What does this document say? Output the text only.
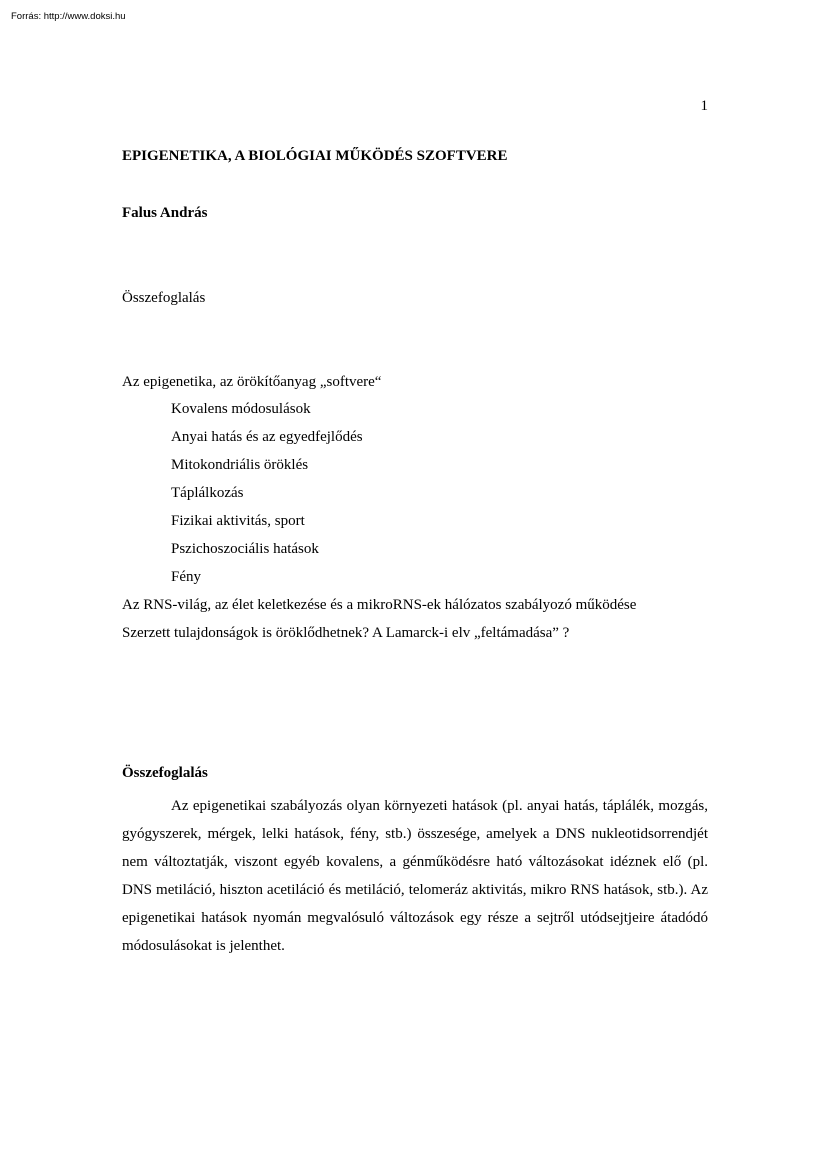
Forrás: http://www.doksi.hu
1
EPIGENETIKA, A BIOLÓGIAI MŰKÖDÉS SZOFTVERE
Falus András
Összefoglalás
Az epigenetika, az örökítőanyag „softvere“
Kovalens módosulások
Anyai hatás és az egyedfejlődés
Mitokondriális öröklés
Táplálkozás
Fizikai aktivitás, sport
Pszichoszociális hatások
Fény
Az RNS-világ, az élet keletkezése és a mikroRNS-ek hálózatos szabályozó működése
Szerzett tulajdonságok is öröklődhetnek? A Lamarck-i elv „feltámadása” ?
Összefoglalás

Az epigenetikai szabályozás olyan környezeti hatások (pl. anyai hatás, táplálék, mozgás, gyógyszerek, mérgek, lelki hatások, fény, stb.) összesége, amelyek a DNS nukleotidsorrendjét nem változtatják, viszont egyéb kovalens, a génműködésre ható változásokat idéznek elő (pl. DNS metiláció, hiszton acetiláció és metiláció, telomeráz aktivitás, mikro RNS hatások, stb.). Az epigenetikai hatások nyomán megvalósuló változások egy része a sejtről utódsejtjeire átadódó módosulásokat is jelenthet.
